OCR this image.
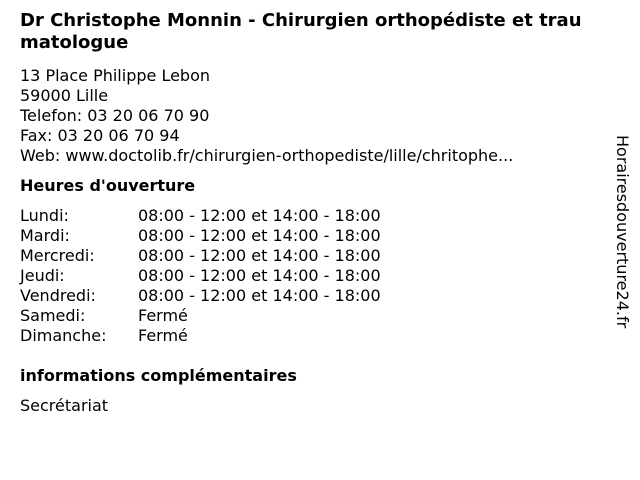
Dr Christophe Monnin - Chirurgien orthopédiste et traumatologue
13 Place Philippe Lebon
59000 Lille
Telefon: 03 20 06 70 90
Fax: 03 20 06 70 94
Web: www.doctolib.fr/chirurgien-orthopediste/lille/chritophe...
Heures d'ouverture
Lundi:	08:00 - 12:00 et 14:00 - 18:00
Mardi:	08:00 - 12:00 et 14:00 - 18:00
Mercredi:	08:00 - 12:00 et 14:00 - 18:00
Jeudi:	08:00 - 12:00 et 14:00 - 18:00
Vendredi:	08:00 - 12:00 et 14:00 - 18:00
Samedi:	Fermé
Dimanche:	Fermé
informations complémentaires
Secrétariat
Horairesdouverture24.fr
